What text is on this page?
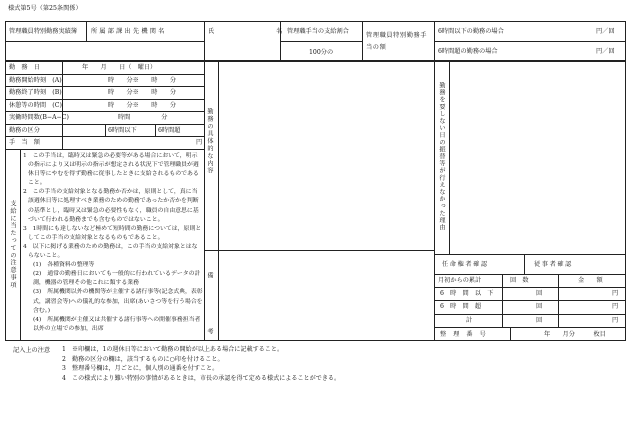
様式第5号（第25条関係）
管理職員特別勤務実績簿 所属部課出先機関名	氏　　　　　　　　　　名 管理職手当の支給割合
100分の
管理職員特別勤務手当の額
6時間以下の勤務の場合	円／回
6時間超の勤務の場合	円／回
勤　務　日	年　　月　　日（　曜日）
勤務開始時刻　(A)	時　　分※　　時　　分
勤務終了時刻　(B)	時　　分※　　時　　分
休憩等の時間　(C)	時　　分※　　時　　分
実働時間数(B−A−C)	時間　　　　　分
勤務の区分	6時間以下	6時間超
手　当　額	円
支給に当たっての注意事項
1　この手当は，臨時又は緊急の必要等がある場合において，明示の指示により又は明示の指示が想定される状況下で管理職員が週休日等にやむを得ず勤務に従事したときに支給されるものであること。
2　この手当の支給対象となる勤務か否かは，原則として，真に当該週休日等に処理すべき業務のための勤務であったか否かを判断の基準とし，臨時又は緊急の必要性もなく，職員の自由意思に基づいて行われる勤務までも含むものではないこと。
3　1時間にも達しないなど極めて短時間の勤務については，原則としてこの手当の支給対象となるものもであること。
4　以下に掲げる業務のための勤務は，この手当の支給対象とはならないこと。
(1)　各種資料の整理等
(2)　通常の勤務日においても一般的に行われているデータの計測，機器の管理その他これに類する業務
(3)　所属機関以外の機関等が主催する諸行事等(記念式典，表彰式，講習会等)への儀礼的な参加，出席(あいさつ等を行う場合を含む。)
(4)　所属機関が主催又は共催する諸行事等への開催事務担当者以外の立場での参加，出席
勤務の具体的な内容
備　　　　考
勤務を要しない日の振替等が行えなかった理由
任命権者確認	従事者確認
月初からの累計	回　数	金　　額
6　時　間　以　下	回	円
6　時　間　超	回	円
計	回	円
整　理　番　号	年　　月分　　　枚目
記入上の注意 1　※印欄は，1の週休日等において勤務の開始が以上ある場合に記載すること。
2　勤務の区分の欄は，該当するものに○印を付けること。
3　整理番号欄は，月ごとに，個人別の通番を付すこと。
4　この様式により難い特別の事情があるときは，市長の承認を得て定める様式によることができる。
